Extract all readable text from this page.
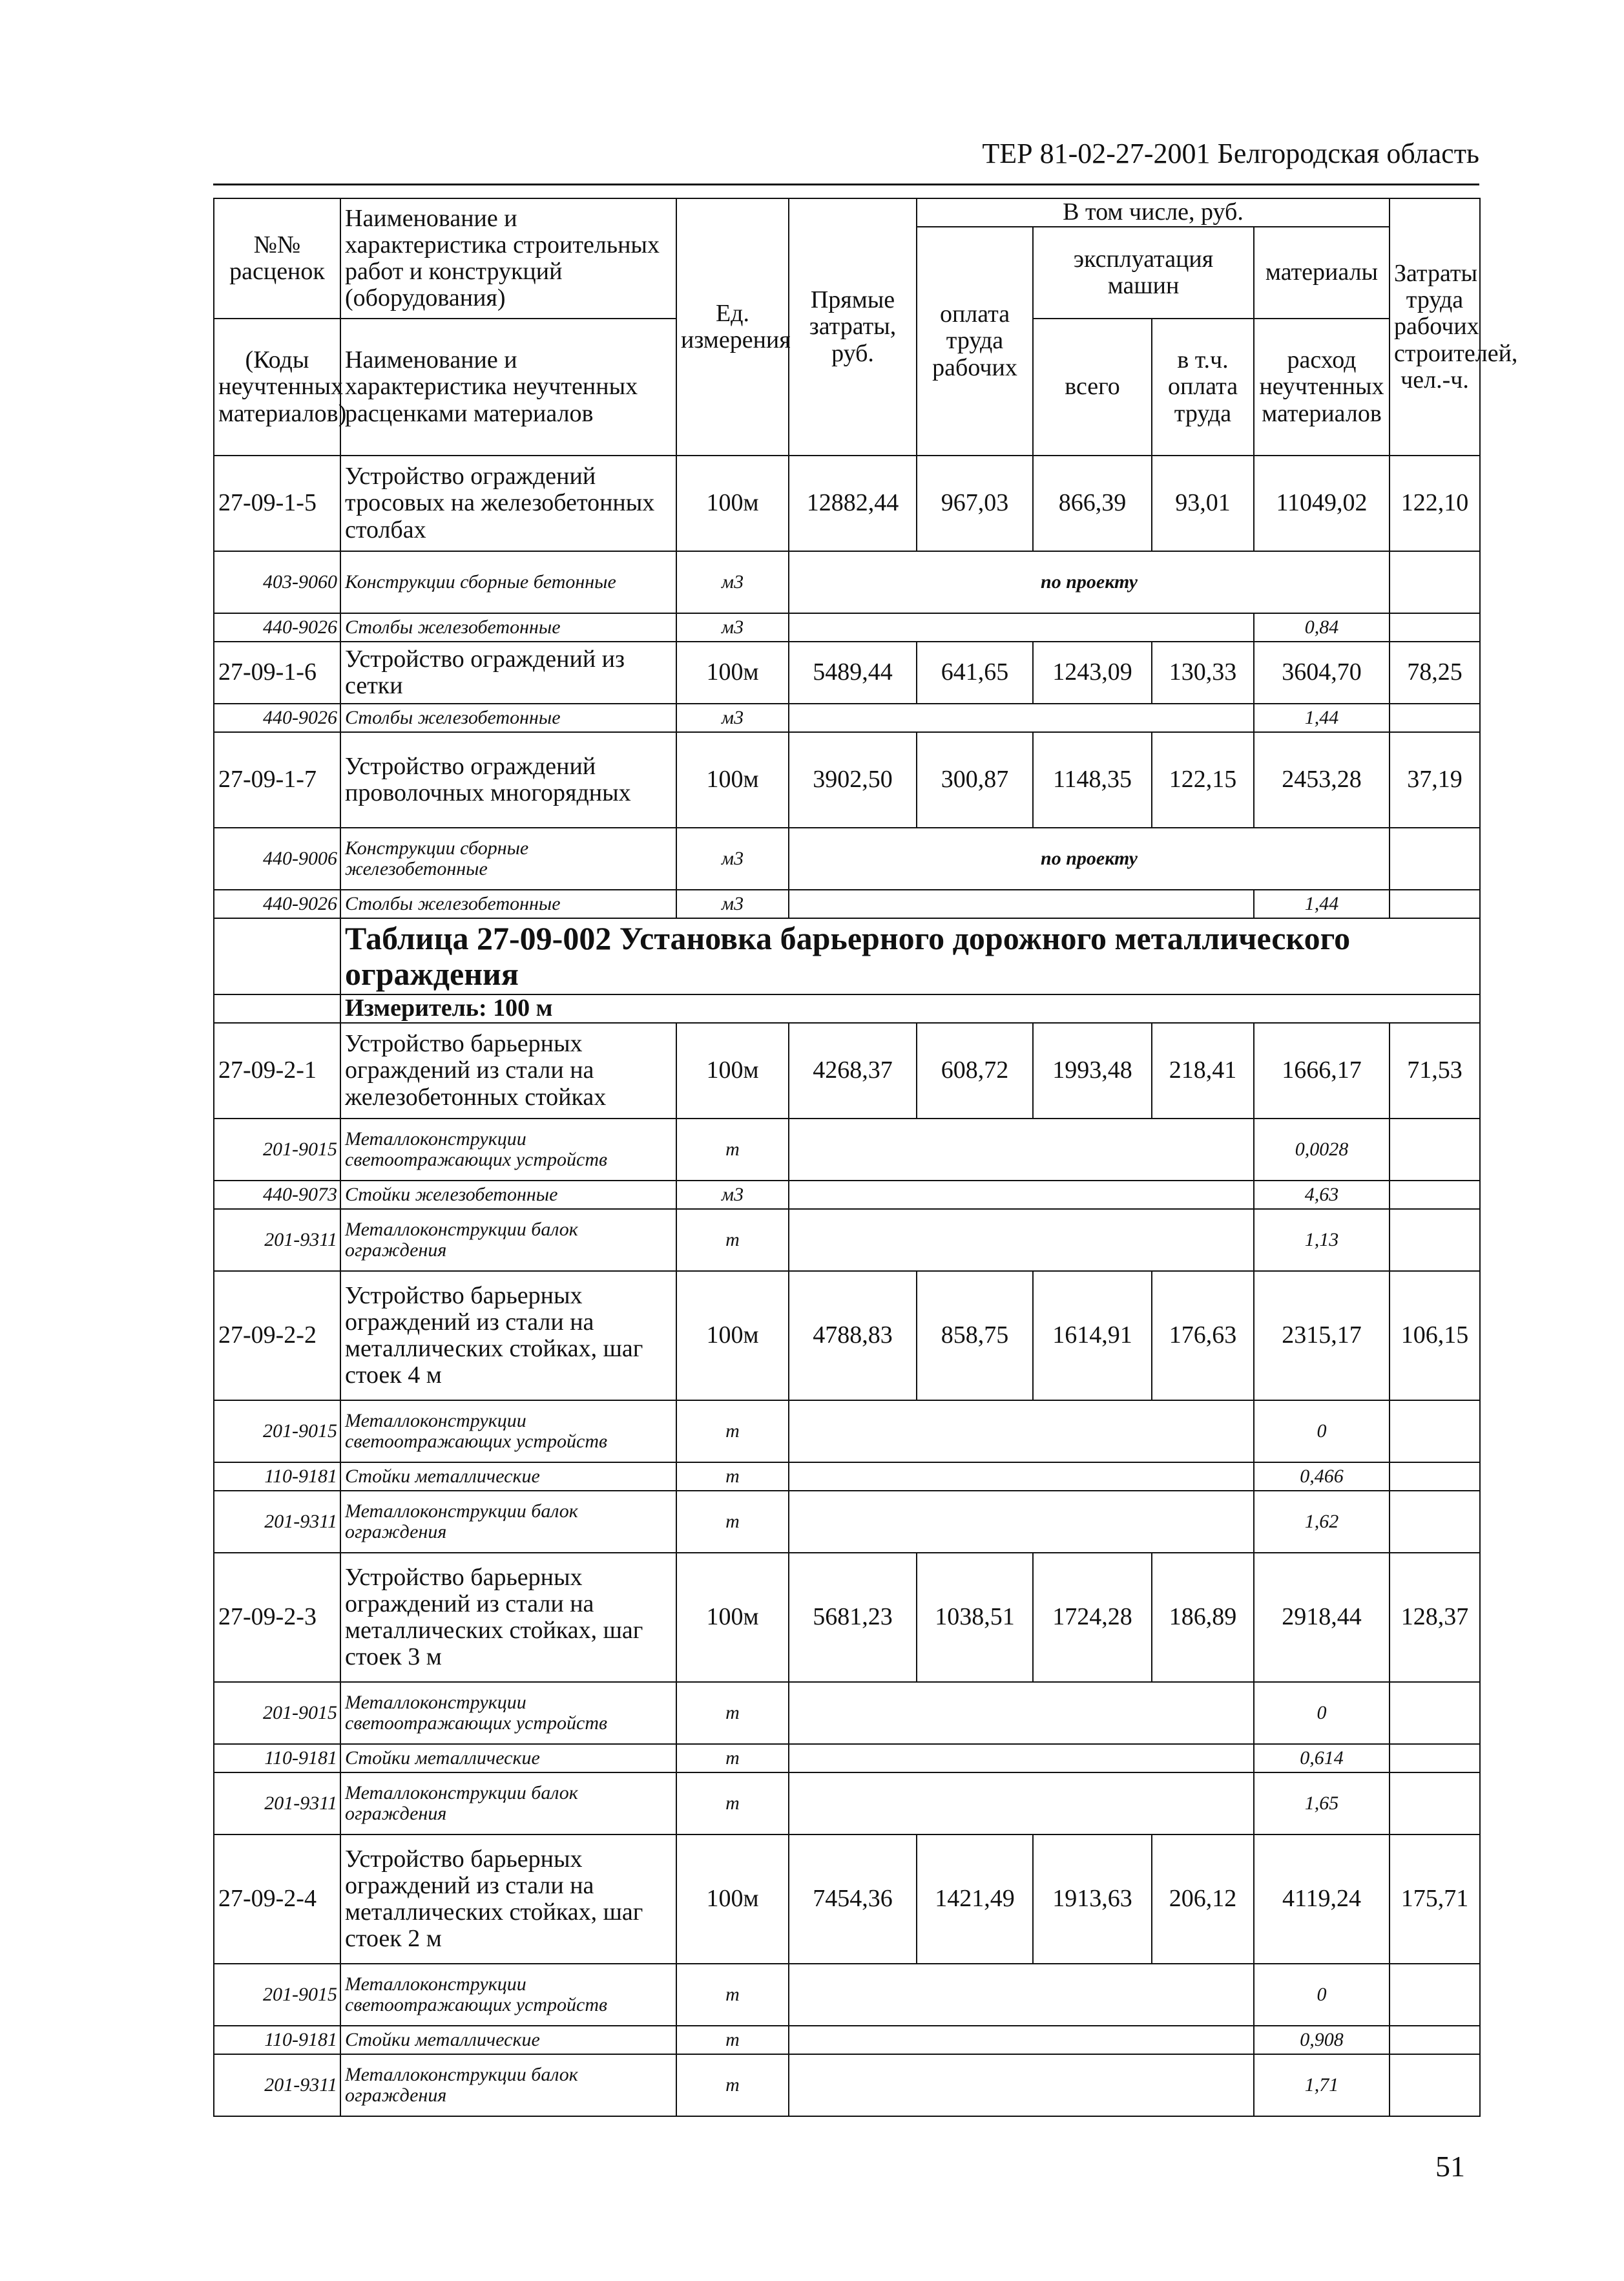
ТЕР 81-02-27-2001 Белгородская область
№№ расценок	Наименование и характеристика строительных работ и конструкций (оборудования)	Ед. измерения	Прямые затраты, руб.	В том числе, руб.				Затраты труда рабочих строителей, чел.-ч.
				оплата труда рабочих	эксплуатация машин		материалы	
(Коды неучтенных материалов)	Наименование и характеристика неучтенных расценками материалов				всего	в т.ч. оплата труда	расход неучтенных материалов	
27-09-1-5	Устройство ограждений тросовых на железобетонных столбах	100м	12882,44	967,03	866,39	93,01	11049,02	122,10
403-9060	Конструкции сборные бетонные	м3	по проекту					
440-9026	Столбы железобетонные	м3					0,84	
27-09-1-6	Устройство ограждений из сетки	100м	5489,44	641,65	1243,09	130,33	3604,70	78,25
440-9026	Столбы железобетонные	м3					1,44	
27-09-1-7	Устройство ограждений проволочных многорядных	100м	3902,50	300,87	1148,35	122,15	2453,28	37,19
440-9006	Конструкции сборные железобетонные	м3	по проекту					
440-9026	Столбы железобетонные	м3					1,44	
	Таблица 27-09-002 Установка барьерного дорожного металлического ограждения							
	Измеритель: 100 м							
27-09-2-1	Устройство барьерных ограждений из стали на железобетонных стойках	100м	4268,37	608,72	1993,48	218,41	1666,17	71,53
201-9015	Металлоконструкции светоотражающих устройств	т					0,0028	
440-9073	Стойки железобетонные	м3					4,63	
201-9311	Металлоконструкции балок ограждения	т					1,13	
27-09-2-2	Устройство барьерных ограждений из стали на металлических стойках, шаг стоек 4 м	100м	4788,83	858,75	1614,91	176,63	2315,17	106,15
201-9015	Металлоконструкции светоотражающих устройств	т					0	
110-9181	Стойки металлические	т					0,466	
201-9311	Металлоконструкции балок ограждения	т					1,62	
27-09-2-3	Устройство барьерных ограждений из стали на металлических стойках, шаг стоек 3 м	100м	5681,23	1038,51	1724,28	186,89	2918,44	128,37
201-9015	Металлоконструкции светоотражающих устройств	т					0	
110-9181	Стойки металлические	т					0,614	
201-9311	Металлоконструкции балок ограждения	т					1,65	
27-09-2-4	Устройство барьерных ограждений из стали на металлических стойках, шаг стоек 2 м	100м	7454,36	1421,49	1913,63	206,12	4119,24	175,71
201-9015	Металлоконструкции светоотражающих устройств	т					0	
110-9181	Стойки металлические	т					0,908	
201-9311	Металлоконструкции балок ограждения	т					1,71	
51
